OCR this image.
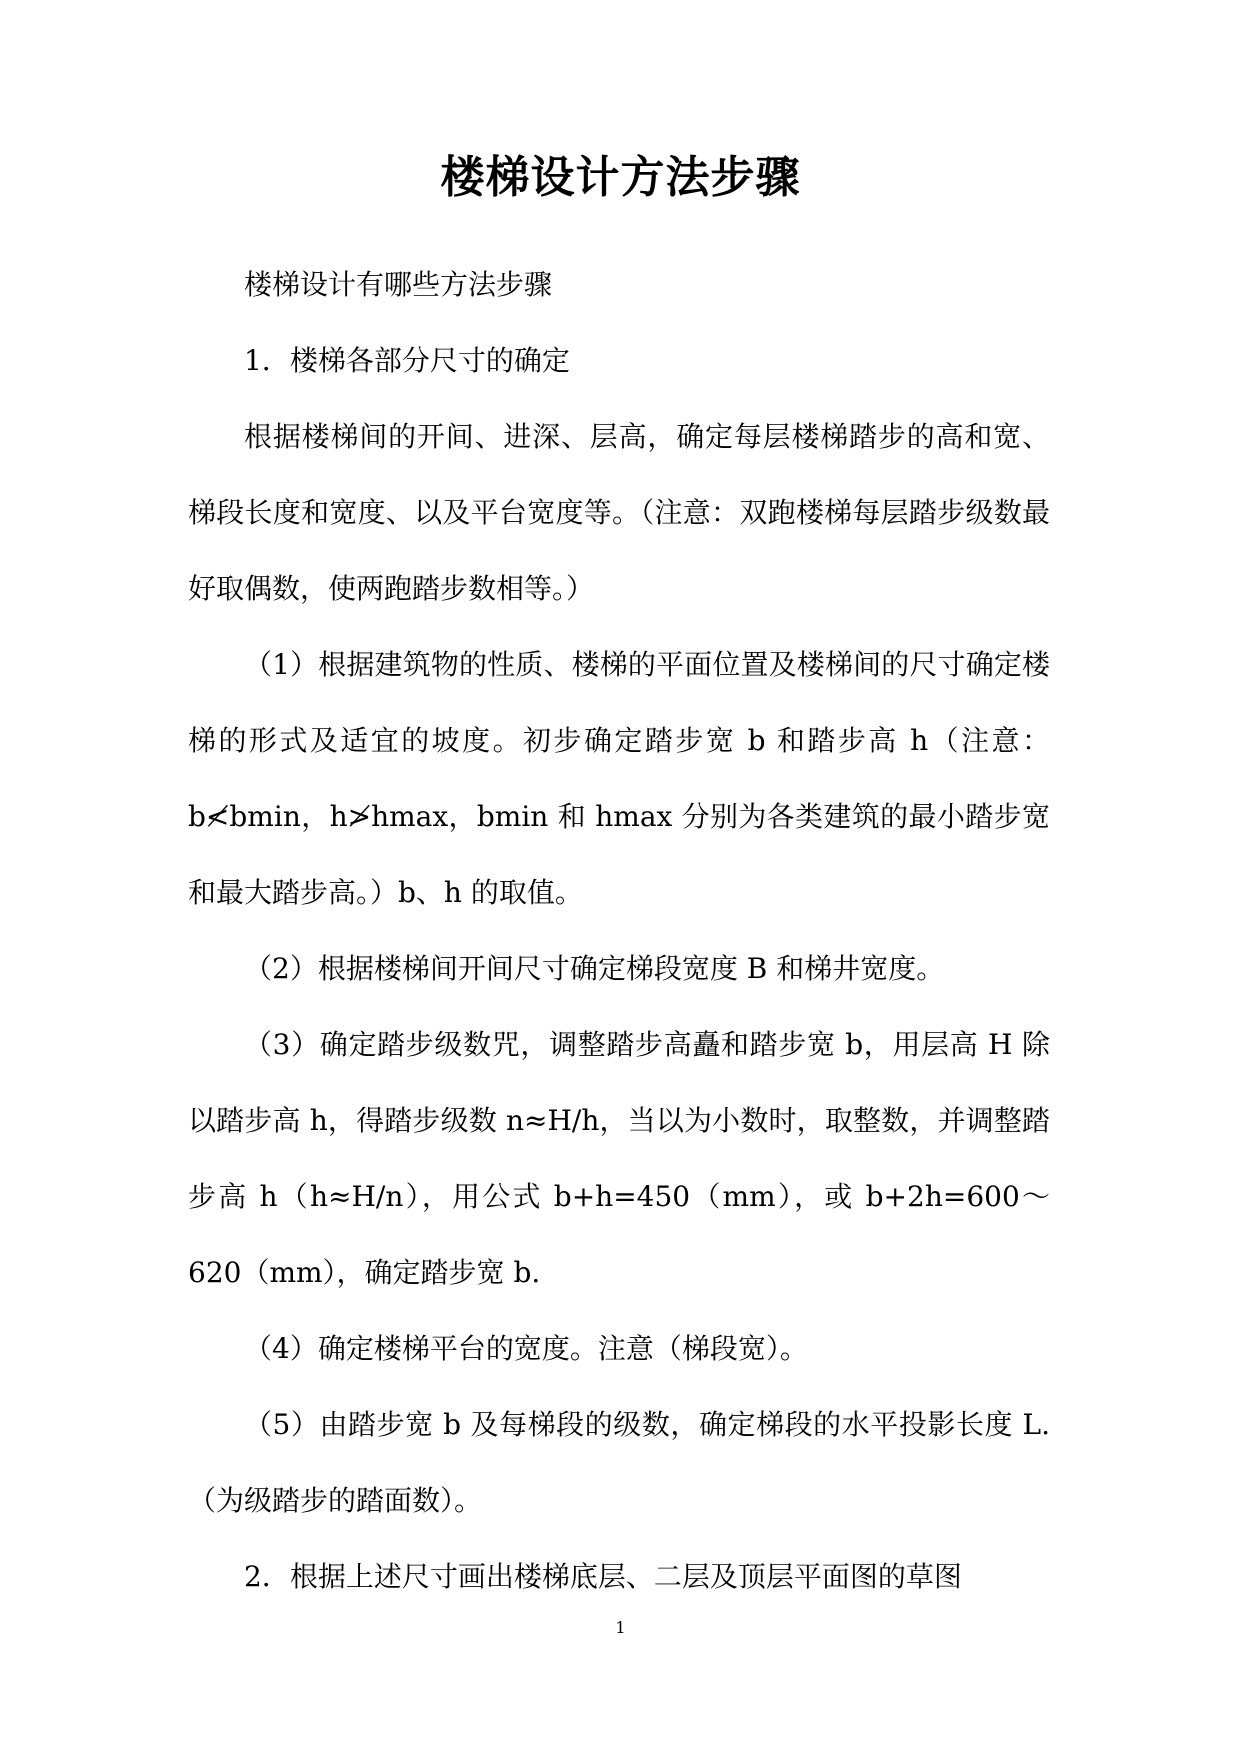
楼梯设计方法步骤

楼梯设计有哪些方法步骤

1．楼梯各部分尺寸的确定

根据楼梯间的开间、进深、层高，确定每层楼梯踏步的高和宽、梯段长度和宽度、以及平台宽度等。（注意：双跑楼梯每层踏步级数最好取偶数，使两跑踏步数相等。）

（1）根据建筑物的性质、楼梯的平面位置及楼梯间的尺寸确定楼梯的形式及适宜的坡度。初步确定踏步宽 b 和踏步高 h（注意：b≮bmin，h≯hmax，bmin 和 hmax 分别为各类建筑的最小踏步宽和最大踏步高。）b、h 的取值。

（2）根据楼梯间开间尺寸确定梯段宽度 B 和梯井宽度。

（3）确定踏步级数咒，调整踏步高矗和踏步宽 b，用层高 H 除以踏步高 h，得踏步级数 n≈H/h，当以为小数时，取整数，并调整踏步高 h（h≈H/n），用公式 b+h=450（mm），或 b+2h=600～620（mm），确定踏步宽 b.

（4）确定楼梯平台的宽度。注意（梯段宽）。

（5）由踏步宽 b 及每梯段的级数，确定梯段的水平投影长度 L.（为级踏步的踏面数）。

2．根据上述尺寸画出楼梯底层、二层及顶层平面图的草图

1
